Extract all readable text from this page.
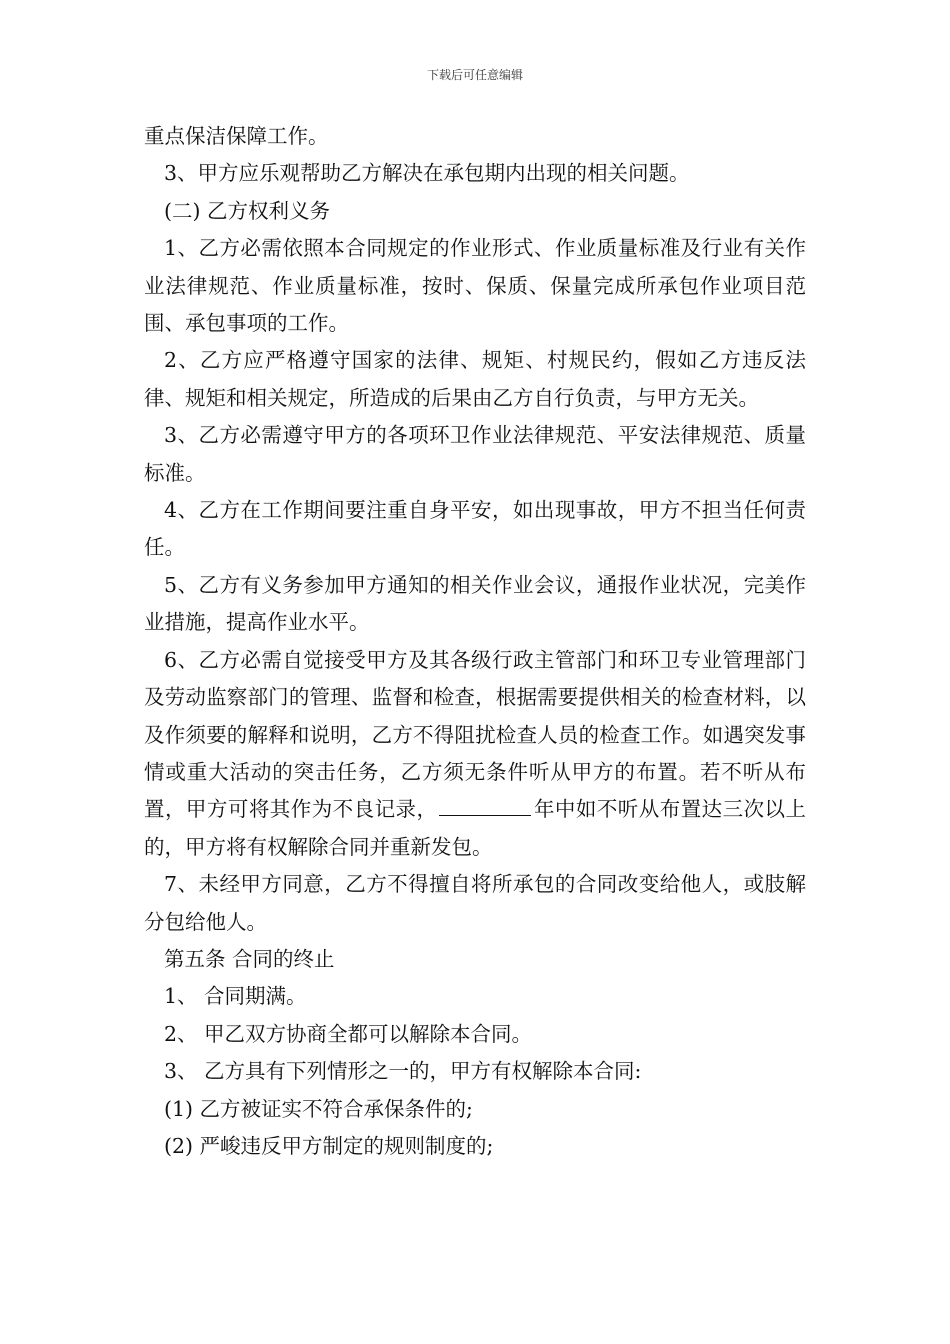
下载后可任意编辑

重点保洁保障工作。

3、甲方应乐观帮助乙方解决在承包期内出现的相关问题。

(二) 乙方权利义务

1、乙方必需依照本合同规定的作业形式、作业质量标准及行业有关作业法律规范、作业质量标准，按时、保质、保量完成所承包作业项目范围、承包事项的工作。

2、乙方应严格遵守国家的法律、规矩、村规民约，假如乙方违反法律、规矩和相关规定，所造成的后果由乙方自行负责，与甲方无关。

3、乙方必需遵守甲方的各项环卫作业法律规范、平安法律规范、质量标准。

4、乙方在工作期间要注重自身平安，如出现事故，甲方不担当任何责任。

5、乙方有义务参加甲方通知的相关作业会议，通报作业状况，完美作业措施，提高作业水平。

6、乙方必需自觉接受甲方及其各级行政主管部门和环卫专业管理部门及劳动监察部门的管理、监督和检查，根据需要提供相关的检查材料，以及作须要的解释和说明，乙方不得阻扰检查人员的检查工作。如遇突发事情或重大活动的突击任务，乙方须无条件听从甲方的布置。若不听从布置，甲方可将其作为不良记录，	年中如不听从布置达三次以上的，甲方将有权解除合同并重新发包。

7、未经甲方同意，乙方不得擅自将所承包的合同改变给他人，或肢解分包给他人。

第五条 合同的终止

1、 合同期满。

2、 甲乙双方协商全都可以解除本合同。

3、 乙方具有下列情形之一的，甲方有权解除本合同:

(1) 乙方被证实不符合承保条件的;

(2) 严峻违反甲方制定的规则制度的;
